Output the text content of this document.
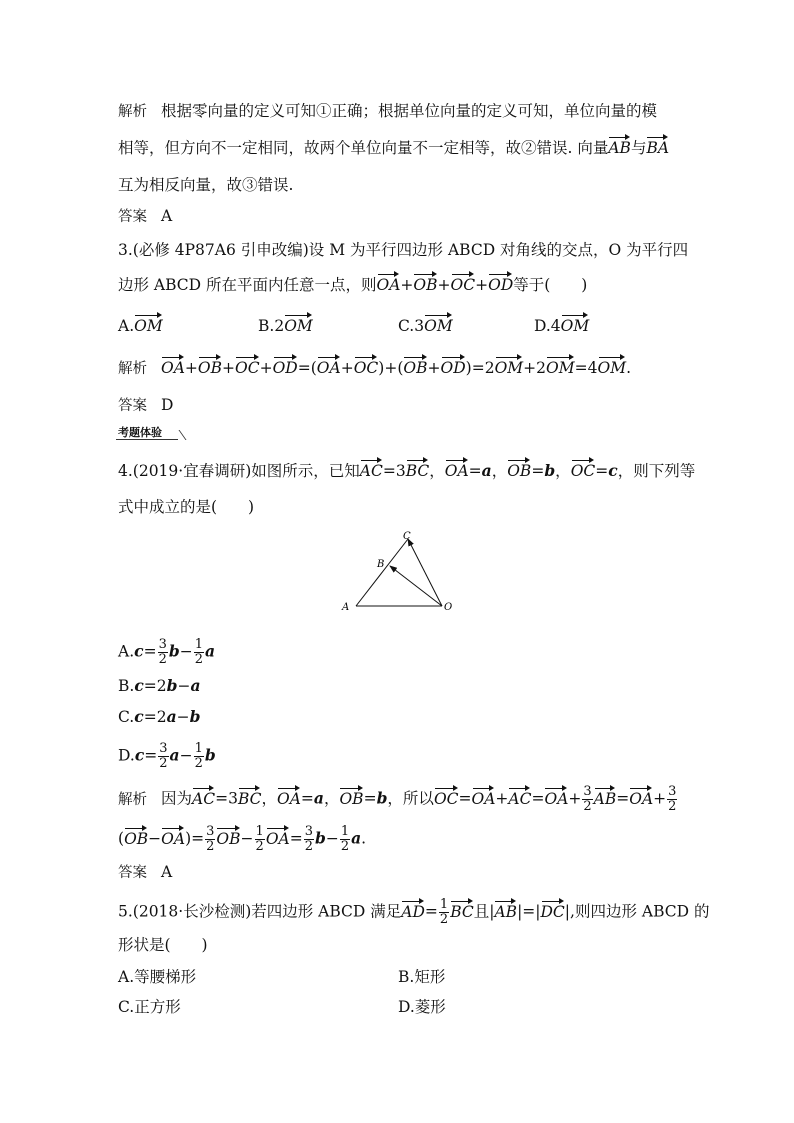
解析 根据零向量的定义可知①正确；根据单位向量的定义可知，单位向量的模
相等，但方向不一定相同，故两个单位向量不一定相等，故②错误. 向量AB与BA
互为相反向量，故③错误.
答案 A
3.(必修 4P87A6 引申改编)设 M 为平行四边形 ABCD 对角线的交点，O 为平行四
边形 ABCD 所在平面内任意一点，则OA+OB+OC+OD等于(　　)
A.OM	B.2OM	C.3OM	D.4OM
解析 OA+OB+OC+OD=(OA+OC)+(OB+OD)=2OM+2OM=4OM.
答案 D
考题体验
4.(2019·宜春调研)如图所示，已知AC=3BC，OA=a，OB=b，OC=c，则下列等
式中成立的是(　　)
A
B
C
O
$A.c= \frac{3}{2} b- \frac{1}{2}$ a
B.c=2b−a
C.c=2a−b
$D.c= \frac{3}{2} a- \frac{1}{2}$ b
解析 因为AC=3BC，OA=a，OB=b，所以$OC=OA+AC=OA+ \frac{3}{2} AB=OA+ \frac{3}{2}$
$(OB-OA)= \frac{3}{2} OB- \frac{1}{2} OA= \frac{3}{2} b- \frac{1}{2} a$.
答案 A
5.(2018·长沙检测)若四边形 ABCD 满足$AD= \frac{1}{2}$ BC且|AB|=|DC|,则四边形 ABCD 的
形状是(　　)
A.等腰梯形	B.矩形
C.正方形	D.菱形
